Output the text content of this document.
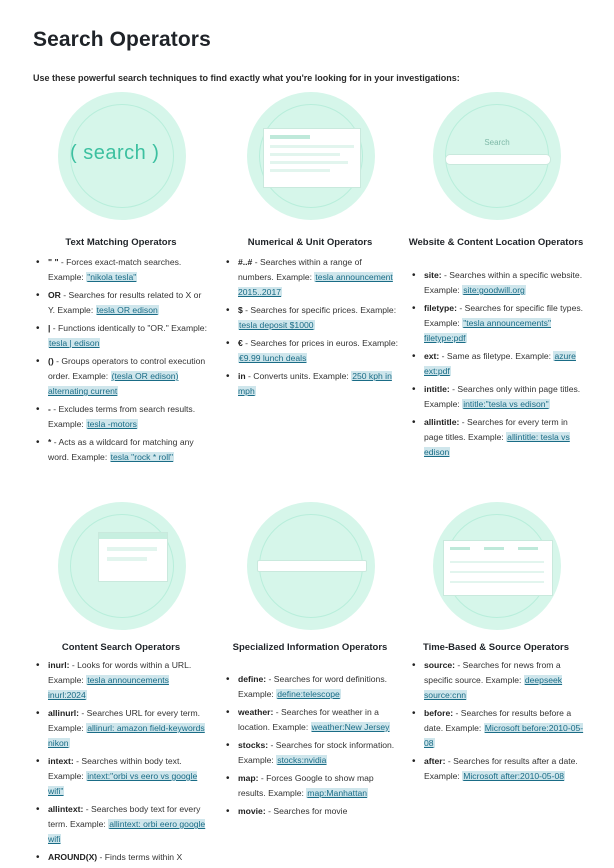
Search Operators
Use these powerful search techniques to find exactly what you're looking for in your investigations:
( search )
Text Matching Operators
• " " - Forces exact-match searches. Example: "nikola tesla"
• OR - Searches for results related to X or Y. Example: tesla OR edison
• | - Functions identically to "OR." Example: tesla | edison
• () - Groups operators to control execution order. Example: (tesla OR edison) alternating current
• - - Excludes terms from search results. Example: tesla -motors
• * - Acts as a wildcard for matching any word. Example: tesla "rock * roll"
Numerical & Unit Operators
• #..# - Searches within a range of numbers. Example: tesla announcement 2015..2017
• $ - Searches for specific prices. Example: tesla deposit $1000
• € - Searches for prices in euros. Example: €9.99 lunch deals
• in - Converts units. Example: 250 kph in mph
Search
Website & Content Location Operators
• site: - Searches within a specific website. Example: site:goodwill.org
• filetype: - Searches for specific file types. Example: "tesla announcements" filetype:pdf
• ext: - Same as filetype. Example: azure ext:pdf
• intitle: - Searches only within page titles. Example: intitle:"tesla vs edison"
• allintitle: - Searches for every term in page titles. Example: allintitle: tesla vs edison
Content Search Operators
• inurl: - Looks for words within a URL. Example: tesla announcements inurl:2024
• allinurl: - Searches URL for every term. Example: allinurl: amazon field-keywords nikon
• intext: - Searches within body text. Example: intext:"orbi vs eero vs google wifi"
• allintext: - Searches body text for every term. Example: allintext: orbi eero google wifi
• AROUND(X) - Finds terms within X
Specialized Information Operators
• define: - Searches for word definitions. Example: define:telescope
• weather: - Searches for weather in a location. Example: weather:New Jersey
• stocks: - Searches for stock information. Example: stocks:nvidia
• map: - Forces Google to show map results. Example: map:Manhattan
• movie: - Searches for movie
Time-Based & Source Operators
• source: - Searches for news from a specific source. Example: deepseek source:cnn
• before: - Searches for results before a date. Example: Microsoft before:2010-05-08
• after: - Searches for results after a date. Example: Microsoft after:2010-05-08
